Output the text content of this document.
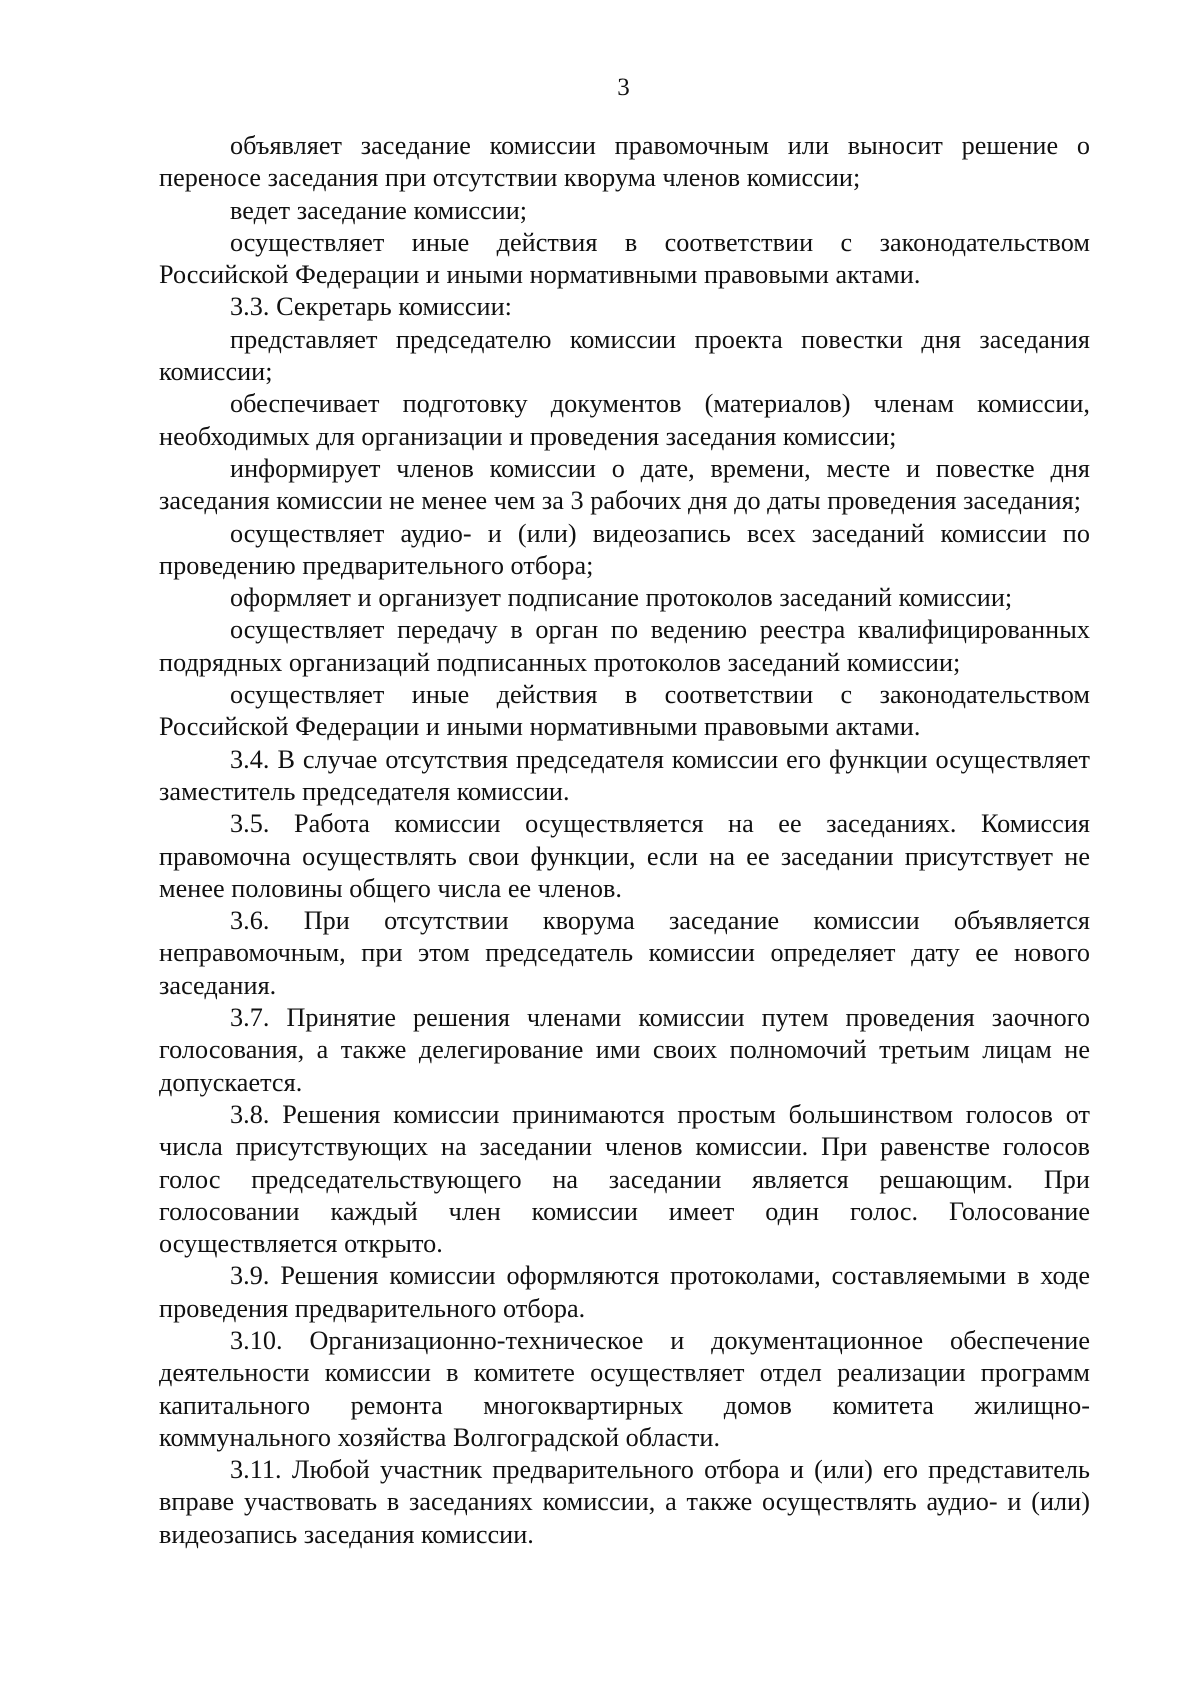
3

объявляет заседание комиссии правомочным или выносит решение о переносе заседания при отсутствии кворума членов комиссии;

ведет заседание комиссии;

осуществляет иные действия в соответствии с законодательством Российской Федерации и иными нормативными правовыми актами.

3.3. Секретарь комиссии:

представляет председателю комиссии проекта повестки дня заседания комиссии;

обеспечивает подготовку документов (материалов) членам комиссии, необходимых для организации и проведения заседания комиссии;

информирует членов комиссии о дате, времени, месте и повестке дня заседания комиссии не менее чем за 3 рабочих дня до даты проведения заседания;

осуществляет аудио- и (или) видеозапись всех заседаний комиссии по проведению предварительного отбора;

оформляет и организует подписание протоколов заседаний комиссии;

осуществляет передачу в орган по ведению реестра квалифицированных подрядных организаций подписанных протоколов заседаний комиссии;

осуществляет иные действия в соответствии с законодательством Российской Федерации и иными нормативными правовыми актами.

3.4. В случае отсутствия председателя комиссии его функции осуществляет заместитель председателя комиссии.

3.5. Работа комиссии осуществляется на ее заседаниях. Комиссия правомочна осуществлять свои функции, если на ее заседании присутствует не менее половины общего числа ее членов.

3.6. При отсутствии кворума заседание комиссии объявляется неправомочным, при этом председатель комиссии определяет дату ее нового заседания.

3.7. Принятие решения членами комиссии путем проведения заочного голосования, а также делегирование ими своих полномочий третьим лицам не допускается.

3.8. Решения комиссии принимаются простым большинством голосов от числа присутствующих на заседании членов комиссии. При равенстве голосов голос председательствующего на заседании является решающим. При голосовании каждый член комиссии имеет один голос. Голосование осуществляется открыто.

3.9. Решения комиссии оформляются протоколами, составляемыми в ходе проведения предварительного отбора.

3.10. Организационно-техническое и документационное обеспечение деятельности комиссии в комитете осуществляет отдел реализации программ капитального ремонта многоквартирных домов комитета жилищно-коммунального хозяйства Волгоградской области.

3.11. Любой участник предварительного отбора и (или) его представитель вправе участвовать в заседаниях комиссии, а также осуществлять аудио- и (или) видеозапись заседания комиссии.
